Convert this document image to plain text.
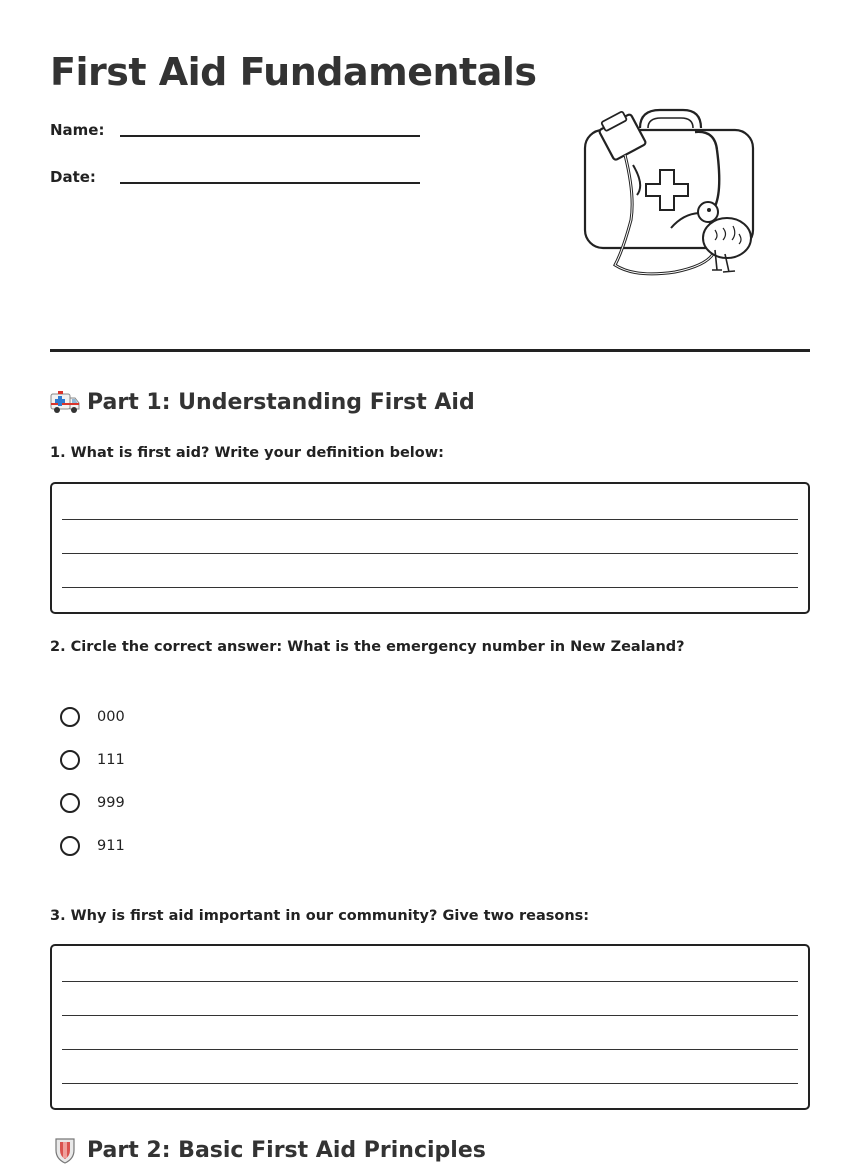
First Aid Fundamentals
Name:
Date:
Part 1: Understanding First Aid

1. What is first aid? Write your definition below:

2. Circle the correct answer: What is the emergency number in New Zealand?

000
111
999
911

3. Why is first aid important in our community? Give two reasons:

Part 2: Basic First Aid Principles
